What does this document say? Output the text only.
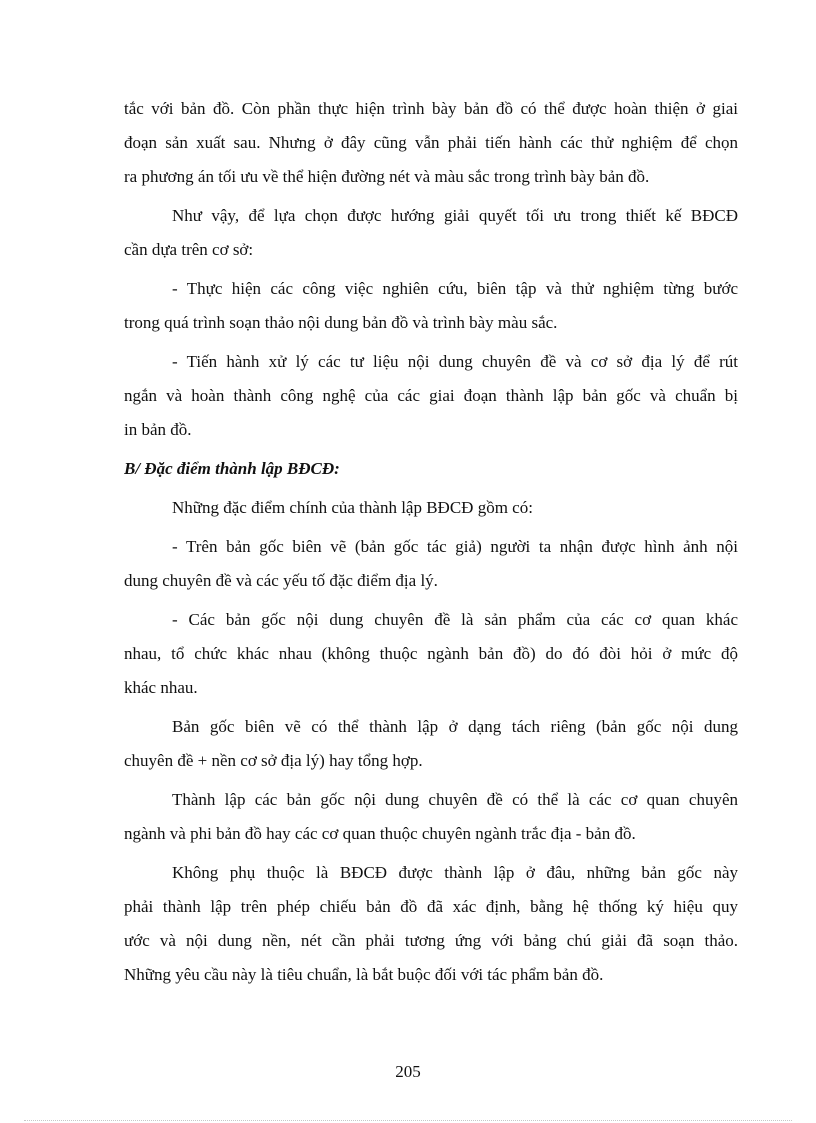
tắc với bản đồ. Còn phần thực hiện trình bày bản đồ có thể được hoàn thiện ở giai
đoạn sản xuất sau. Nhưng ở đây cũng vẫn phải tiến hành các thử nghiệm để chọn
ra phương án tối ưu về thể hiện đường nét và màu sắc trong trình bày bản đồ.
Như vậy, để lựa chọn được hướng giải quyết tối ưu trong thiết kế BĐCĐ
cần dựa trên cơ sở:
- Thực hiện các công việc nghiên cứu, biên tập và thử nghiệm từng bước
trong quá trình soạn thảo nội dung bản đồ và trình bày màu sắc.
- Tiến hành xử lý các tư liệu nội dung chuyên đề và cơ sở địa lý để rút
ngắn và hoàn thành công nghệ của các giai đoạn thành lập bản gốc và chuẩn bị
in bản đồ.
B/ Đặc điểm thành lập BĐCĐ:
Những đặc điểm chính của thành lập BĐCĐ gồm có:
- Trên bản gốc biên vẽ (bản gốc tác giả) người ta nhận được hình ảnh nội
dung chuyên đề và các yếu tố đặc điểm địa lý.
- Các bản gốc nội dung chuyên đề là sản phẩm của các cơ quan khác
nhau, tổ chức khác nhau (không thuộc ngành bản đồ) do đó đòi hỏi ở mức độ
khác nhau.
Bản gốc biên vẽ có thể thành lập ở dạng tách riêng (bản gốc nội dung
chuyên đề + nền cơ sở địa lý) hay tổng hợp.
Thành lập các bản gốc nội dung chuyên đề có thể là các cơ quan chuyên
ngành và phi bản đồ hay các cơ quan thuộc chuyên ngành trắc địa - bản đồ.
Không phụ thuộc là BĐCĐ được thành lập ở đâu, những bản gốc này
phải thành lập trên phép chiếu bản đồ đã xác định, bằng hệ thống ký hiệu quy
ước và nội dung nền, nét cần phải tương ứng với bảng chú giải đã soạn thảo.
Những yêu cầu này là tiêu chuẩn, là bắt buộc đối với tác phẩm bản đồ.
205
